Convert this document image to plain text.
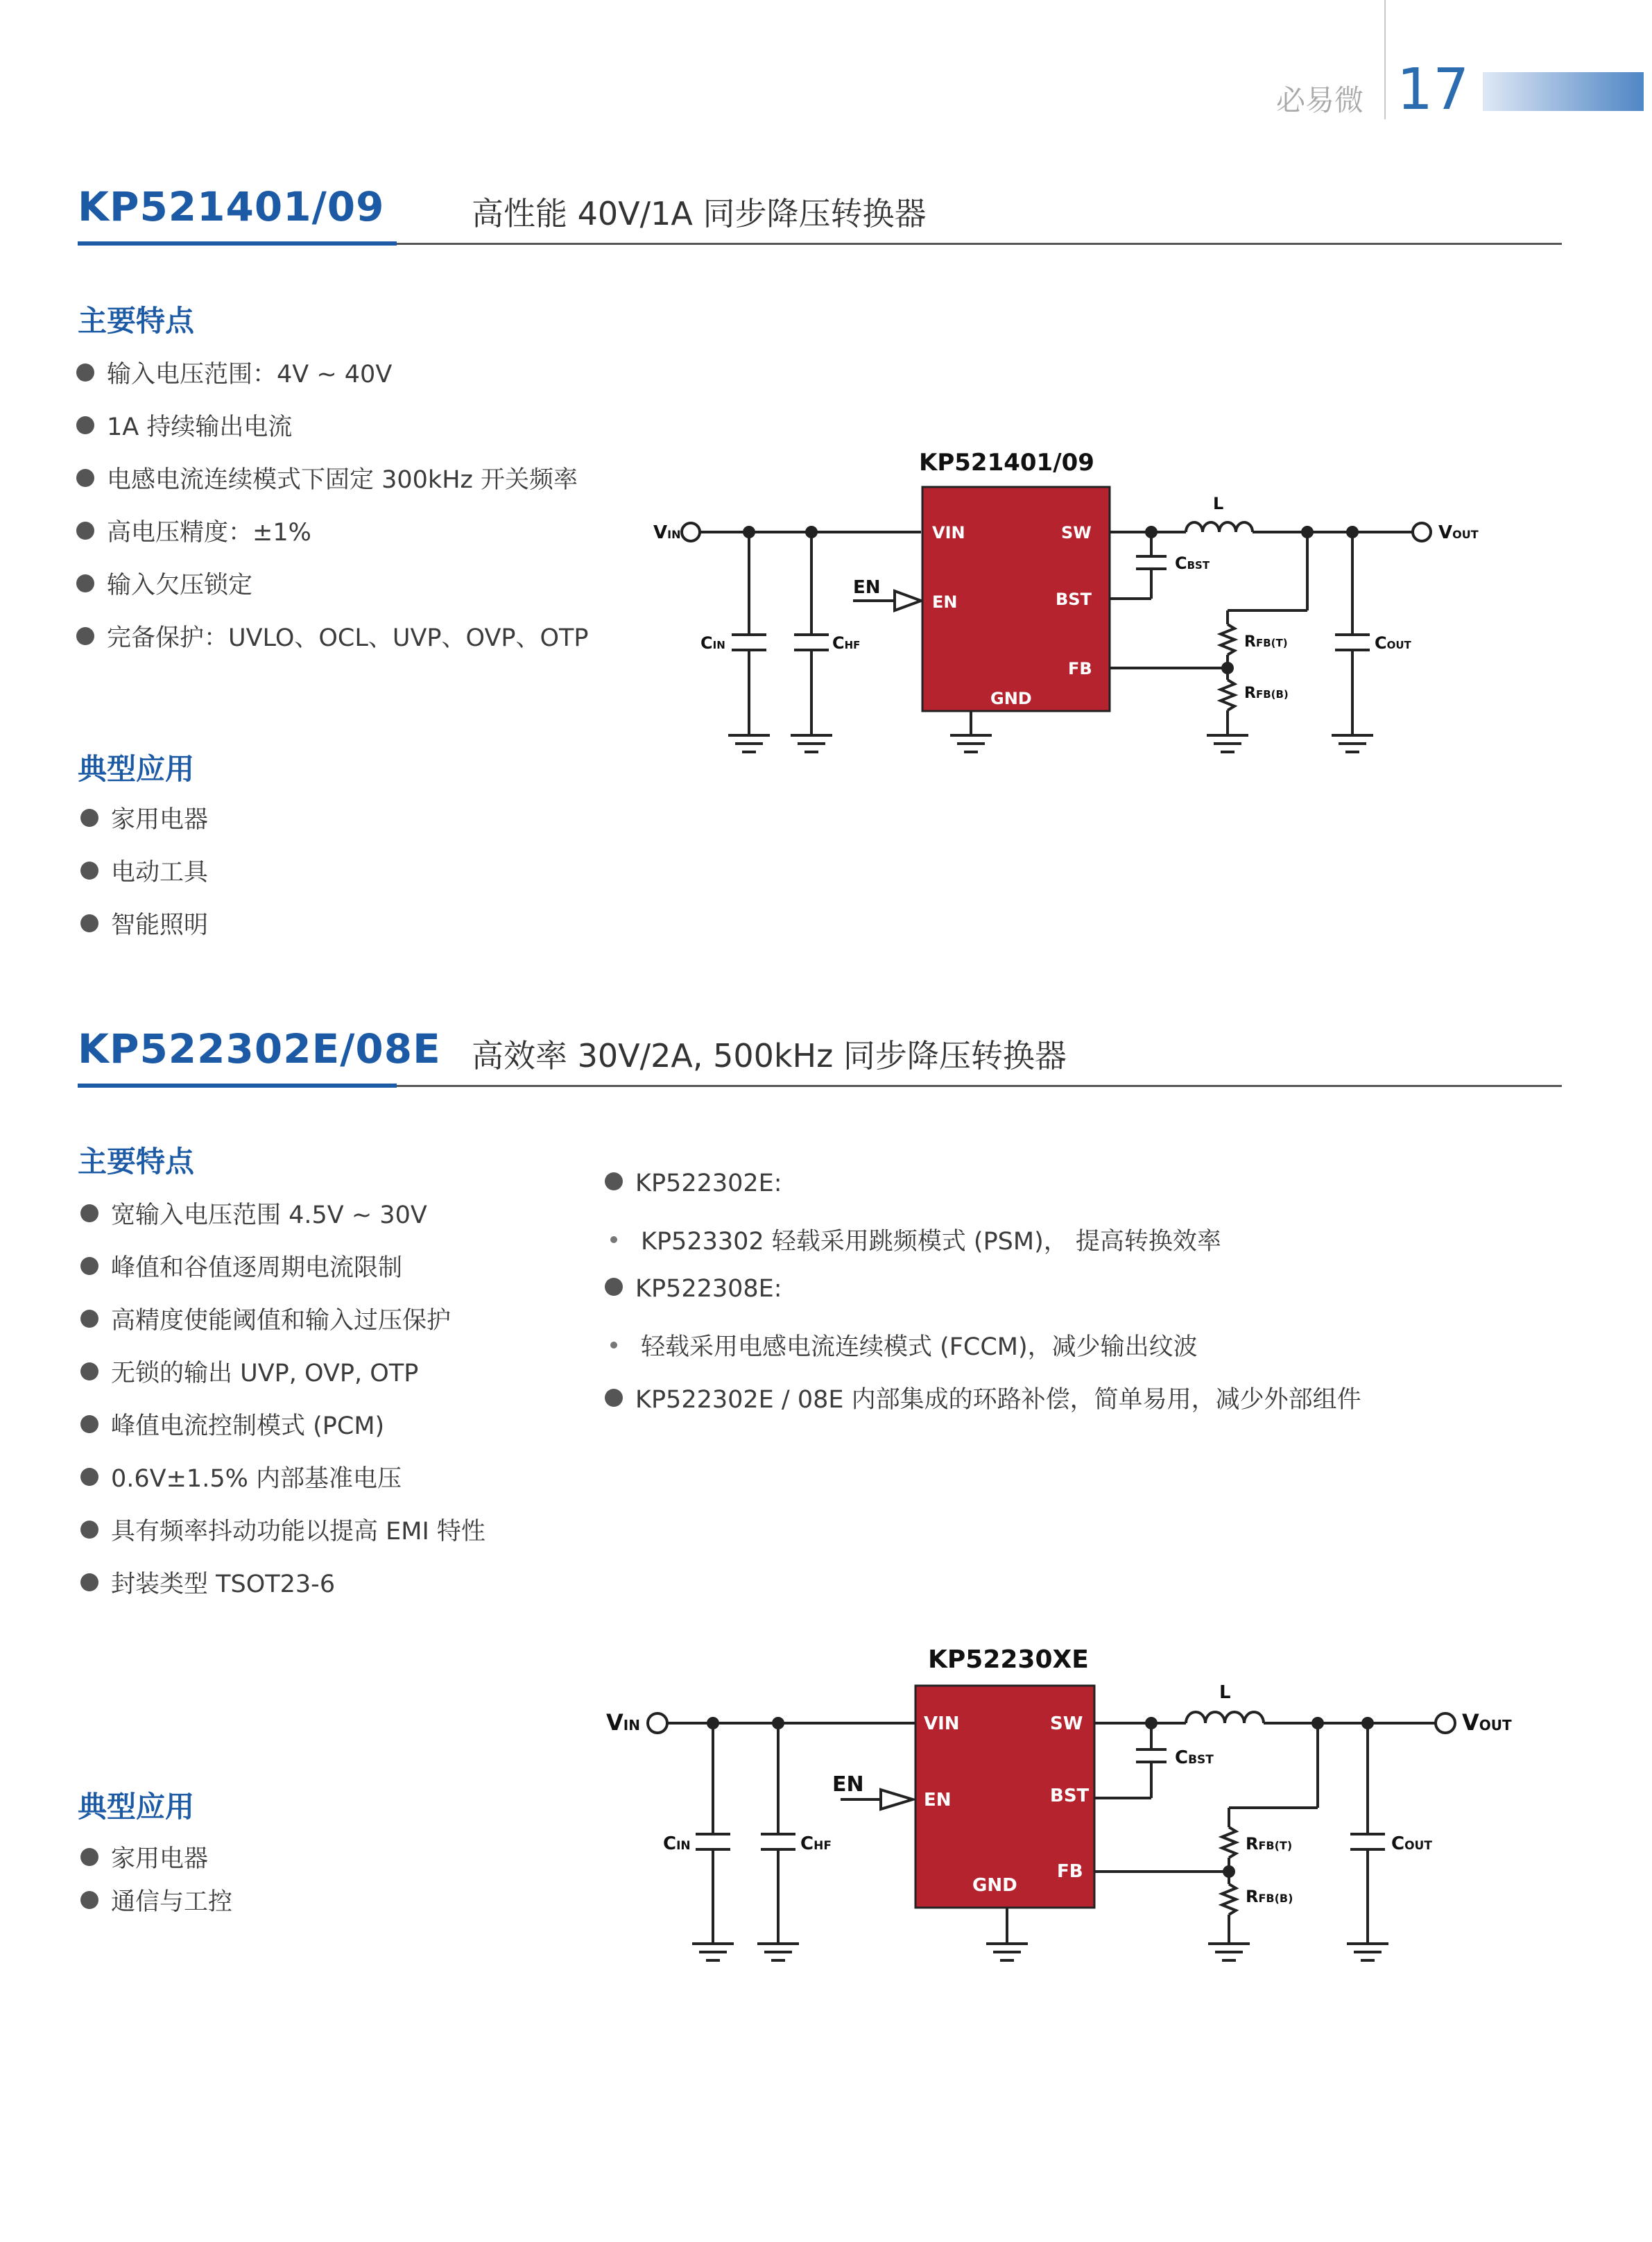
必易微 17
KP521401/09	高性能 40V/1A 同步降压转换器
主要特点
输入电压范围：4V ~ 40V
1A 持续输出电流
电感电流连续模式下固定 300kHz 开关频率
高电压精度：±1%
输入欠压锁定
完备保护：UVLO、OCL、UVP、OVP、OTP
典型应用
家用电器
电动工具
智能照明
VIN	SW
EN	BST
FB
GND
KP521401/09
EN
VIN	VOUT
L
CIN	CHF
CBST
COUT
RFB(T)
RFB(B)
KP522302E/08E 高效率 30V/2A, 500kHz 同步降压转换器
主要特点
宽输入电压范围 4.5V ~ 30V
峰值和谷值逐周期电流限制
高精度使能阈值和输入过压保护
无锁的输出 UVP, OVP, OTP
峰值电流控制模式 (PCM)
0.6V±1.5% 内部基准电压
具有频率抖动功能以提高 EMI 特性
封装类型 TSOT23-6
KP522302E:
KP523302 轻载采用跳频模式 (PSM)， 提高转换效率
KP522308E:
轻载采用电感电流连续模式 (FCCM)，减少输出纹波
KP522302E / 08E 内部集成的环路补偿，简单易用，减少外部组件
典型应用
家用电器
通信与工控
VIN	SW
EN	BST
FB
GND
KP52230XE
EN
VIN	VOUT
L
CIN	CHF
CBST
COUT
RFB(T)
RFB(B)
